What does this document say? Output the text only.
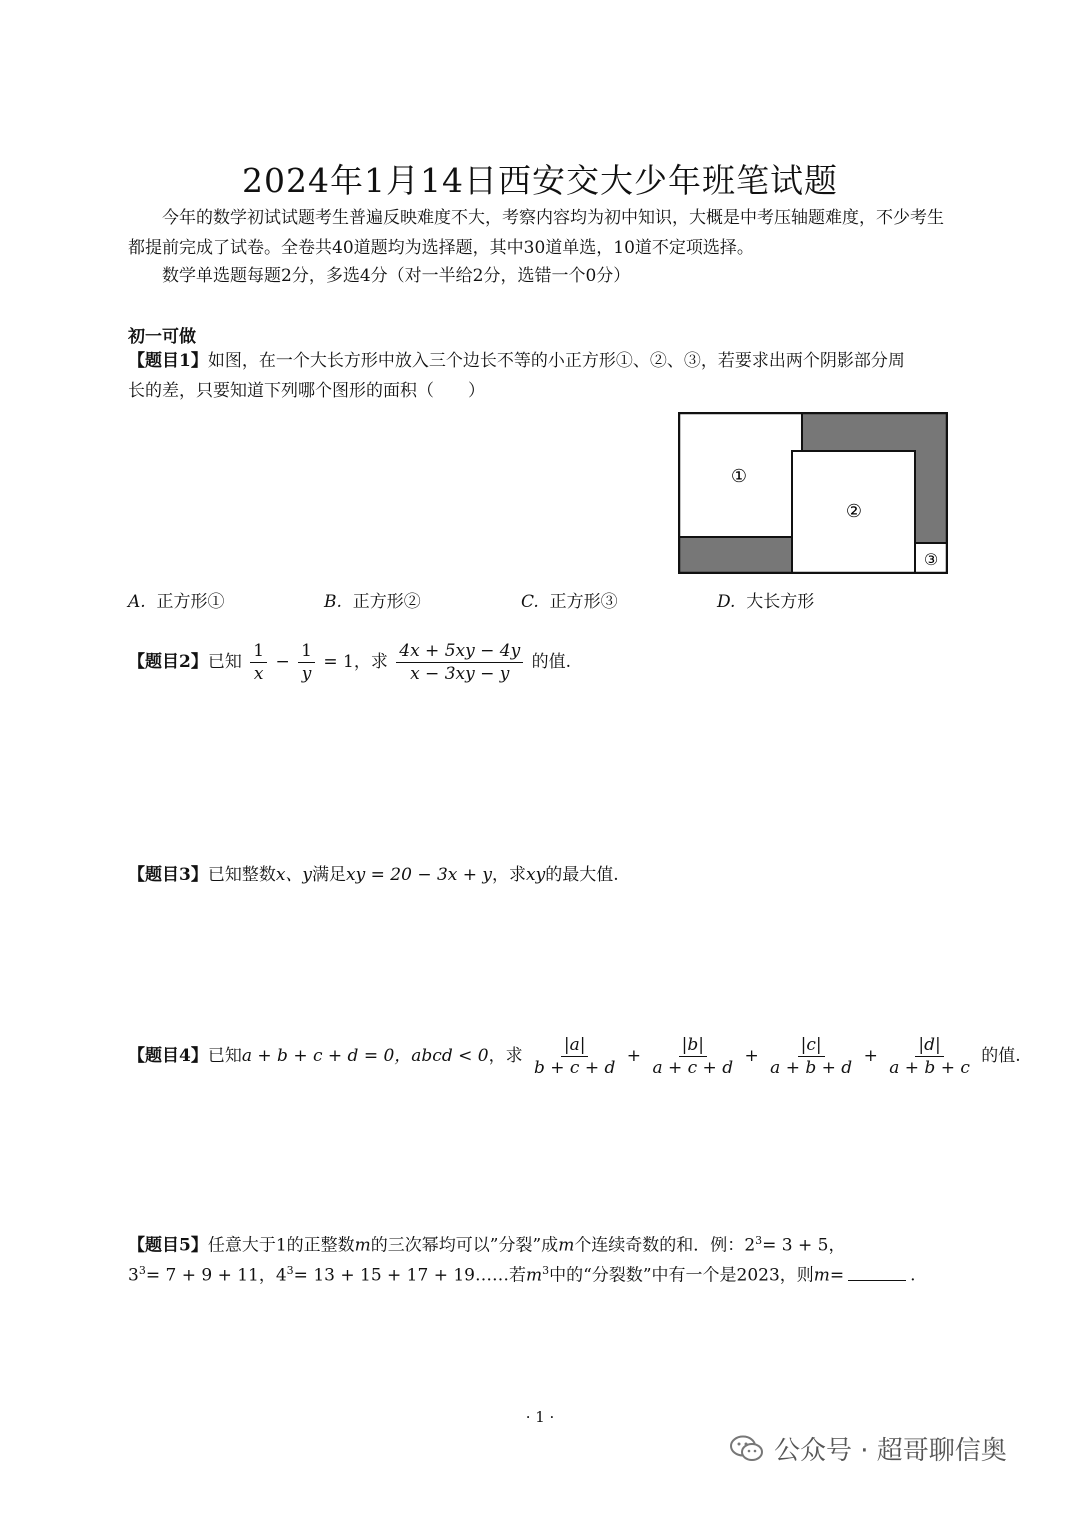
2024年1月14日西安交大少年班笔试题
今年的数学初试试题考生普遍反映难度不大，考察内容均为初中知识，大概是中考压轴题难度，不少考生都提前完成了试卷。全卷共40道题均为选择题，其中30道单选，10道不定项选择。
数学单选题每题2分，多选4分（对一半给2分，选错一个0分）
初一可做
【题目1】如图，在一个大长方形中放入三个边长不等的小正方形①、②、③，若要求出两个阴影部分周
长的差，只要知道下列哪个图形的面积（　　）
①
②
③
A. 正方形①	B. 正方形②	C. 正方形③	D. 大长方形
【题目2】已知 $\frac{1}{x} - \frac{1}{y} = 1$，求 $\frac{4x + 5xy - 4y}{x - 3xy - y}$ 的值.
【题目3】已知整数x、y满足xy = 20 − 3x + y，求xy的最大值.
【题目4】已知a + b + c + d = 0，abcd < 0，求 $\frac{|a|}{b + c + d} + \frac{|b|}{a + c + d} + \frac{|c|}{a + b + d} + \frac{|d|}{a + b + c}$ 的值.
【题目5】任意大于1的正整数m的三次幂均可以”分裂”成m个连续奇数的和．例：$2^3= 3 + 5$，
$3^3= 7 + 9 + 11$，$4^3= 13 + 15 + 17$ + 19……若$m^3$中的“分裂数”中有一个是2023，则m=	.
· 1 ·
公众号 · 超哥聊信奥
